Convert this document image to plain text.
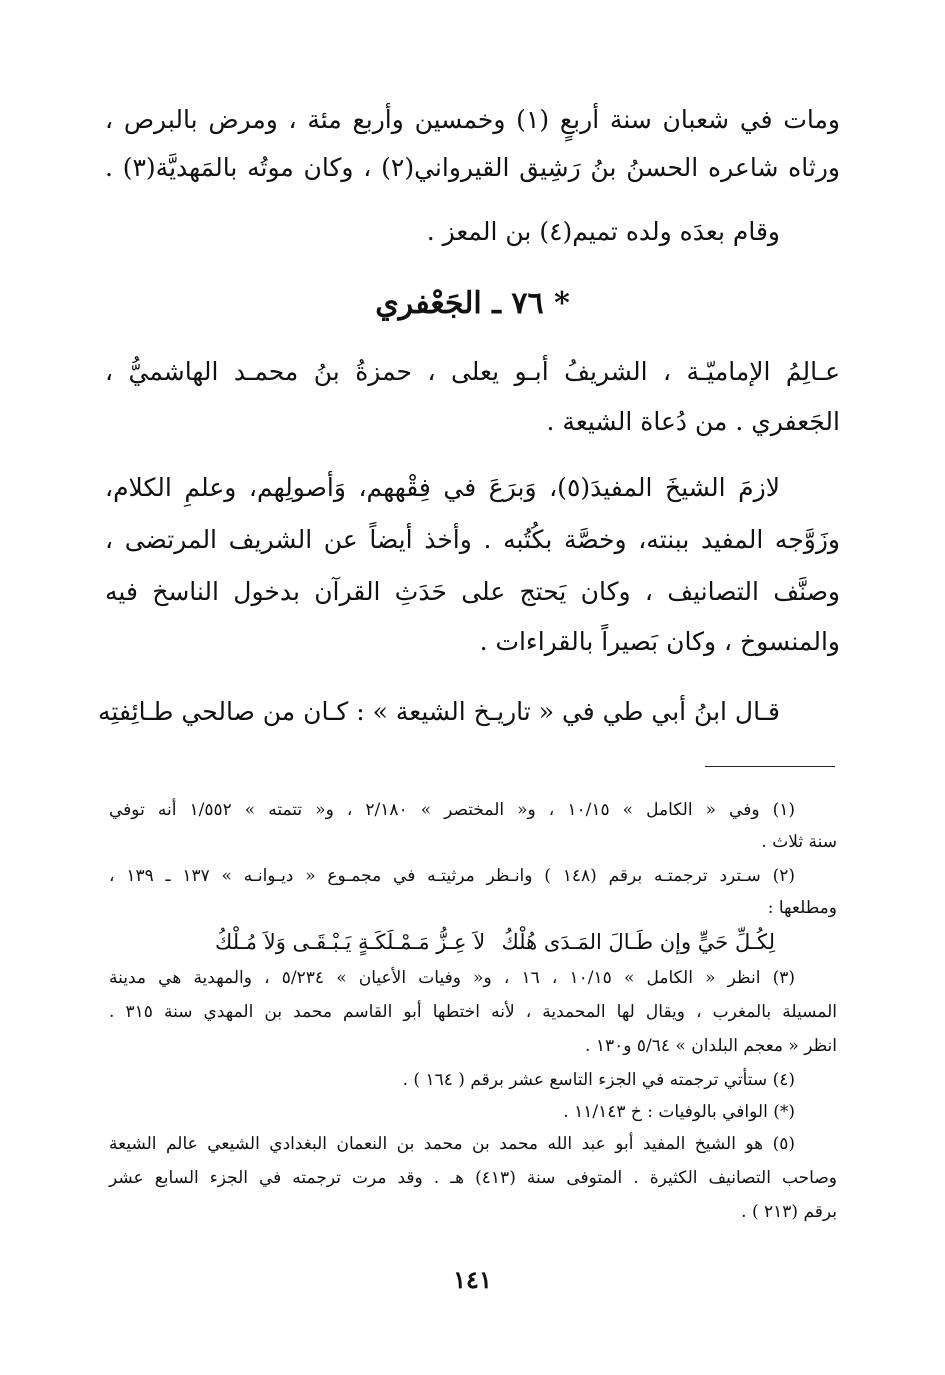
ومات في شعبان سنة أربعٍ (١) وخمسين وأربع مئة ، ومرض بالبرص ،
ورثاه شاعره الحسنُ بنُ رَشِيق القيرواني(٢) ، وكان موتُه بالمَهديَّة(٣) .
وقام بعدَه ولده تميم(٤) بن المعز .
٧٦ ـ الجَعْفري *
عـالِمُ الإماميّـة ، الشريفُ أبـو يعلى ، حمزةُ بنُ محمـد الهاشميُّ ،
الجَعفري . من دُعاة الشيعة .
لازمَ الشيخَ المفيدَ(٥)، وَبرَعَ في فِقْههم، وَأصولِهم، وعلمِ الكلام،
وزَوَّجه المفيد ببنته، وخصَّة بكُتُبه . وأخذ أيضاً عن الشريف المرتضى ،
وصنَّف التصانيف ، وكان يَحتج على حَدَثِ القرآن بدخول الناسخ فيه
والمنسوخ ، وكان بَصيراً بالقراءات .
قـال ابنُ أبي طي في « تاريـخ الشيعة » : كـان من صالحي طـائِفتِه
(١) وفي « الكامل » ١٠/١٥ ، و« المختصر » ٢/١٨٠ ، و« تتمته » ١/٥٥٢ أنه توفي
سنة ثلاث .
(٢) سـترد ترجمتـه برقم (١٤٨ ) وانـظر مرثيتـه في مجمـوع « ديـوانـه » ١٣٧ ـ ١٣٩ ،
ومطلعها :
لِكُـلِّ حَيٍّ وإن طَـالَ المَـدَى هُلْكُ
لاَ عِـزُّ مَـمْـلَكَـةٍ يَـبْـقَـى وَلاَ مُـلْكُ
(٣) انظر « الكامل » ١٠/١٥ ، ١٦ ، و« وفيات الأعيان » ٥/٢٣٤ ، والمهدية هي مدينة
المسيلة بالمغرب ، ويقال لها المحمدية ، لأنه اختطها أبو القاسم محمد بن المهدي سنة ٣١٥ .
انظر « معجم البلدان » ٥/٦٤ و١٣٠ .
(٤) ستأتي ترجمته في الجزء التاسع عشر برقم ( ١٦٤ ) .
(*) الوافي بالوفيات : خ ١١/١٤٣ .
(٥) هو الشيخ المفيد أبو عبد الله محمد بن محمد بن النعمان البغدادي الشيعي عالم الشيعة
وصاحب التصانيف الكثيرة . المتوفى سنة (٤١٣) هـ . وقد مرت ترجمته في الجزء السابع عشر
برقم (٢١٣ ) .
١٤١
